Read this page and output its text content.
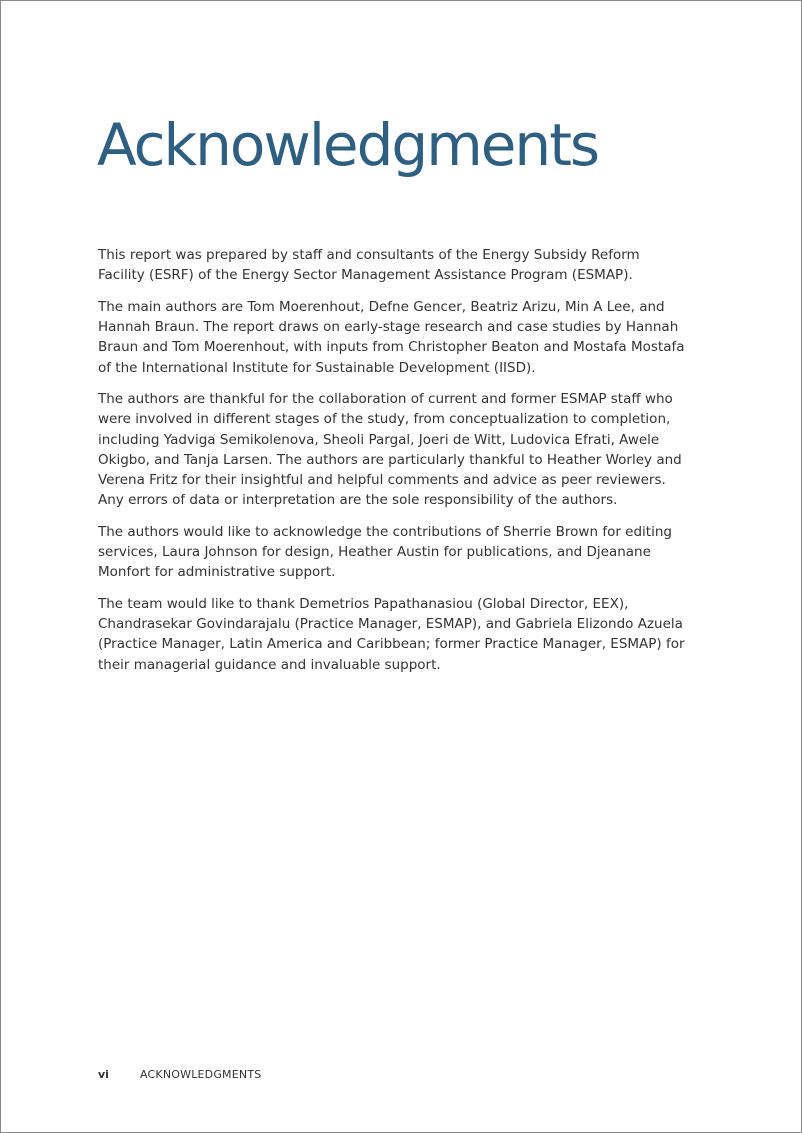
Acknowledgments

This report was prepared by staff and consultants of the Energy Subsidy Reform Facility (ESRF) of the Energy Sector Management Assistance Program (ESMAP).

The main authors are Tom Moerenhout, Defne Gencer, Beatriz Arizu, Min A Lee, and Hannah Braun. The report draws on early-stage research and case studies by Hannah Braun and Tom Moerenhout, with inputs from Christopher Beaton and Mostafa Mostafa of the International Institute for Sustainable Development (IISD).

The authors are thankful for the collaboration of current and former ESMAP staff who were involved in different stages of the study, from conceptualization to completion, including Yadviga Semikolenova, Sheoli Pargal, Joeri de Witt, Ludovica Efrati, Awele Okigbo, and Tanja Larsen. The authors are particularly thankful to Heather Worley and Verena Fritz for their insightful and helpful comments and advice as peer reviewers. Any errors of data or interpretation are the sole responsibility of the authors.

The authors would like to acknowledge the contributions of Sherrie Brown for editing services, Laura Johnson for design, Heather Austin for publications, and Djeanane Monfort for administrative support.

The team would like to thank Demetrios Papathanasiou (Global Director, EEX), Chandrasekar Govindarajalu (Practice Manager, ESMAP), and Gabriela Elizondo Azuela (Practice Manager, Latin America and Caribbean; former Practice Manager, ESMAP) for their managerial guidance and invaluable support.

vi	ACKNOWLEDGMENTS
